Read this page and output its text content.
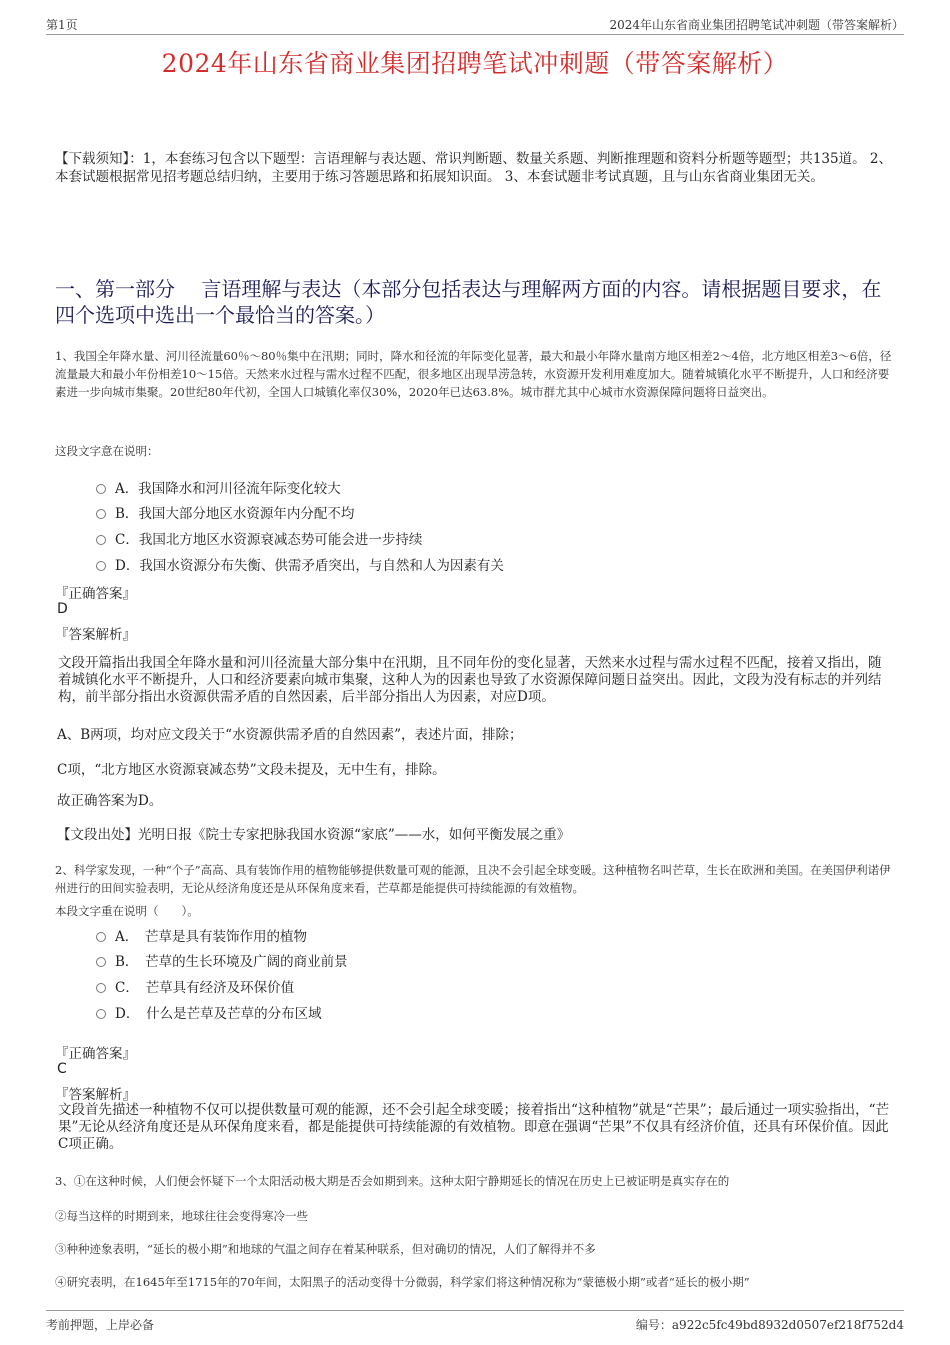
第1页	2024年山东省商业集团招聘笔试冲刺题（带答案解析）
2024年山东省商业集团招聘笔试冲刺题（带答案解析）
【下载须知】：1，本套练习包含以下题型：言语理解与表达题、常识判断题、数量关系题、判断推理题和资料分析题等题型；共135道。 2、本套试题根据常见招考题总结归纳，主要用于练习答题思路和拓展知识面。 3、本套试题非考试真题，且与山东省商业集团无关。
一、第一部分　 言语理解与表达（本部分包括表达与理解两方面的内容。请根据题目要求，在四个选项中选出一个最恰当的答案。）
1、我国全年降水量、河川径流量60％～80％集中在汛期；同时，降水和径流的年际变化显著，最大和最小年降水量南方地区相差2～4倍，北方地区相差3～6倍，径流量最大和最小年份相差10～15倍。天然来水过程与需水过程不匹配，很多地区出现旱涝急转，水资源开发利用难度加大。随着城镇化水平不断提升，人口和经济要素进一步向城市集聚。20世纪80年代初，全国人口城镇化率仅30%，2020年已达63.8%。城市群尤其中心城市水资源保障问题将日益突出。
这段文字意在说明：
A．我国降水和河川径流年际变化较大
B．我国大部分地区水资源年内分配不均
C．我国北方地区水资源衰减态势可能会进一步持续
D．我国水资源分布失衡、供需矛盾突出，与自然和人为因素有关
『正确答案』
D
『答案解析』
文段开篇指出我国全年降水量和河川径流量大部分集中在汛期，且不同年份的变化显著，天然来水过程与需水过程不匹配，接着又指出，随着城镇化水平不断提升，人口和经济要素向城市集聚，这种人为的因素也导致了水资源保障问题日益突出。因此，文段为没有标志的并列结构，前半部分指出水资源供需矛盾的自然因素，后半部分指出人为因素，对应D项。
A、B两项，均对应文段关于“水资源供需矛盾的自然因素”，表述片面，排除；
C项，“北方地区水资源衰减态势”文段未提及，无中生有，排除。
故正确答案为D。
【文段出处】光明日报《院士专家把脉我国水资源“家底”——水，如何平衡发展之重》
2、科学家发现，一种“个子”高高、具有装饰作用的植物能够提供数量可观的能源，且决不会引起全球变暖。这种植物名叫芒草，生长在欧洲和美国。在美国伊利诺伊州进行的田间实验表明，无论从经济角度还是从环保角度来看，芒草都是能提供可持续能源的有效植物。
本段文字重在说明（　　）。
A．　芒草是具有装饰作用的植物
B．　芒草的生长环境及广阔的商业前景
C．　芒草具有经济及环保价值
D．　什么是芒草及芒草的分布区域
『正确答案』
C
『答案解析』
文段首先描述一种植物不仅可以提供数量可观的能源，还不会引起全球变暖；接着指出“这种植物”就是“芒果”；最后通过一项实验指出，“芒果”无论从经济角度还是从环保角度来看，都是能提供可持续能源的有效植物。即意在强调“芒果”不仅具有经济价值，还具有环保价值。因此C项正确。
3、①在这种时候，人们便会怀疑下一个太阳活动极大期是否会如期到来。这种太阳宁静期延长的情况在历史上已被证明是真实存在的
②每当这样的时期到来，地球往往会变得寒冷一些
③种种迹象表明，“延长的极小期”和地球的气温之间存在着某种联系，但对确切的情况，人们了解得并不多
④研究表明，在1645年至1715年的70年间，太阳黑子的活动变得十分微弱，科学家们将这种情况称为“蒙德极小期”或者“延长的极小期”
考前押题，上岸必备	编号：a922c5fc49bd8932d0507ef218f752d4
